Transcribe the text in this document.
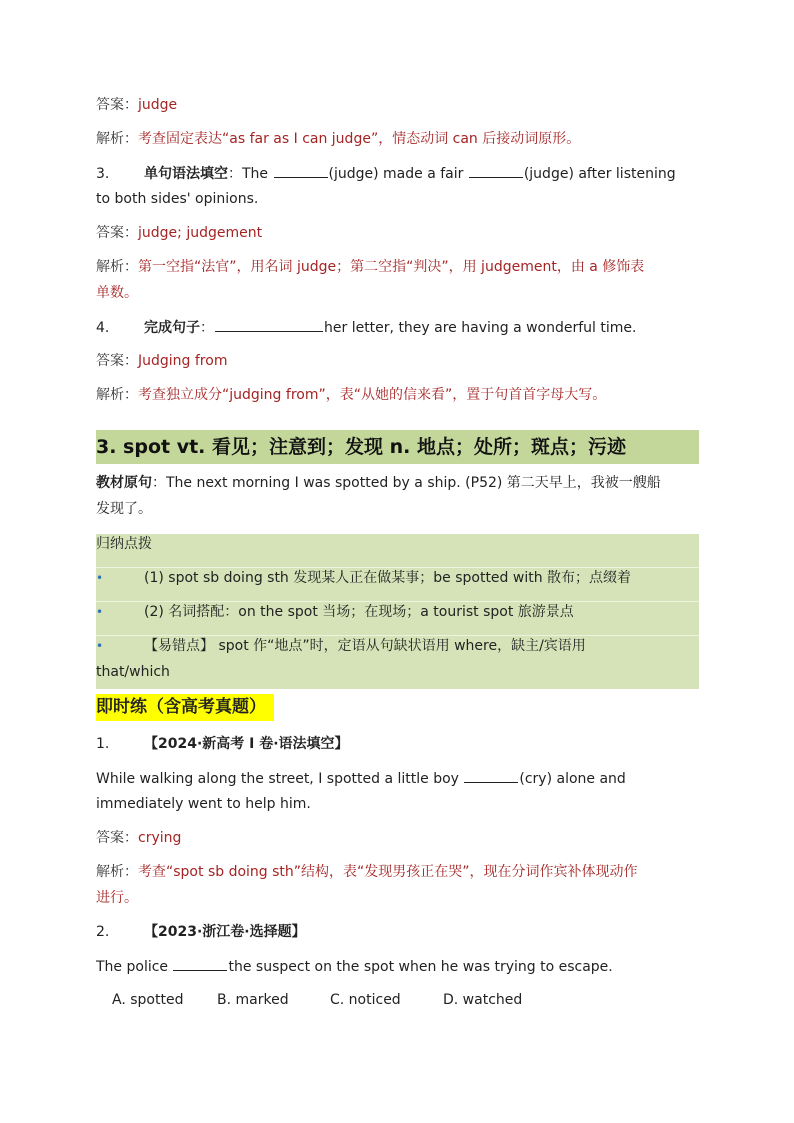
答案：judge
解析：考查固定表达“as far as I can judge”，情态动词 can 后接动词原形。
3. 单句语法填空：The	(judge) made a fair	(judge) after listening
to both sides' opinions.
答案：judge; judgement
解析：第一空指“法官”，用名词 judge；第二空指“判决”，用 judgement，由 a 修饰表
单数。
4. 完成句子：	her letter, they are having a wonderful time.
答案：Judging from
解析：考查独立成分“judging from”，表“从她的信来看”，置于句首首字母大写。
3. spot vt. 看见；注意到；发现 n. 地点；处所；斑点；污迹
教材原句：The next morning I was spotted by a ship. (P52) 第二天早上，我被一艘船
发现了。
归纳点拨
•	(1) spot sb doing sth 发现某人正在做某事；be spotted with 散布；点缀着
•	(2) 名词搭配：on the spot 当场；在现场；a tourist spot 旅游景点
•	【易错点】 spot 作“地点”时，定语从句缺状语用 where，缺主/宾语用
that/which
即时练（含高考真题）
1. 【2024·新高考 I 卷·语法填空】
While walking along the street, I spotted a little boy	(cry) alone and
immediately went to help him.
答案：crying
解析：考查“spot sb doing sth”结构，表“发现男孩正在哭”，现在分词作宾补体现动作
进行。
2. 【2023·浙江卷·选择题】
The police	the suspect on the spot when he was trying to escape.
A. spotted B. marked	C. noticed	D. watched
